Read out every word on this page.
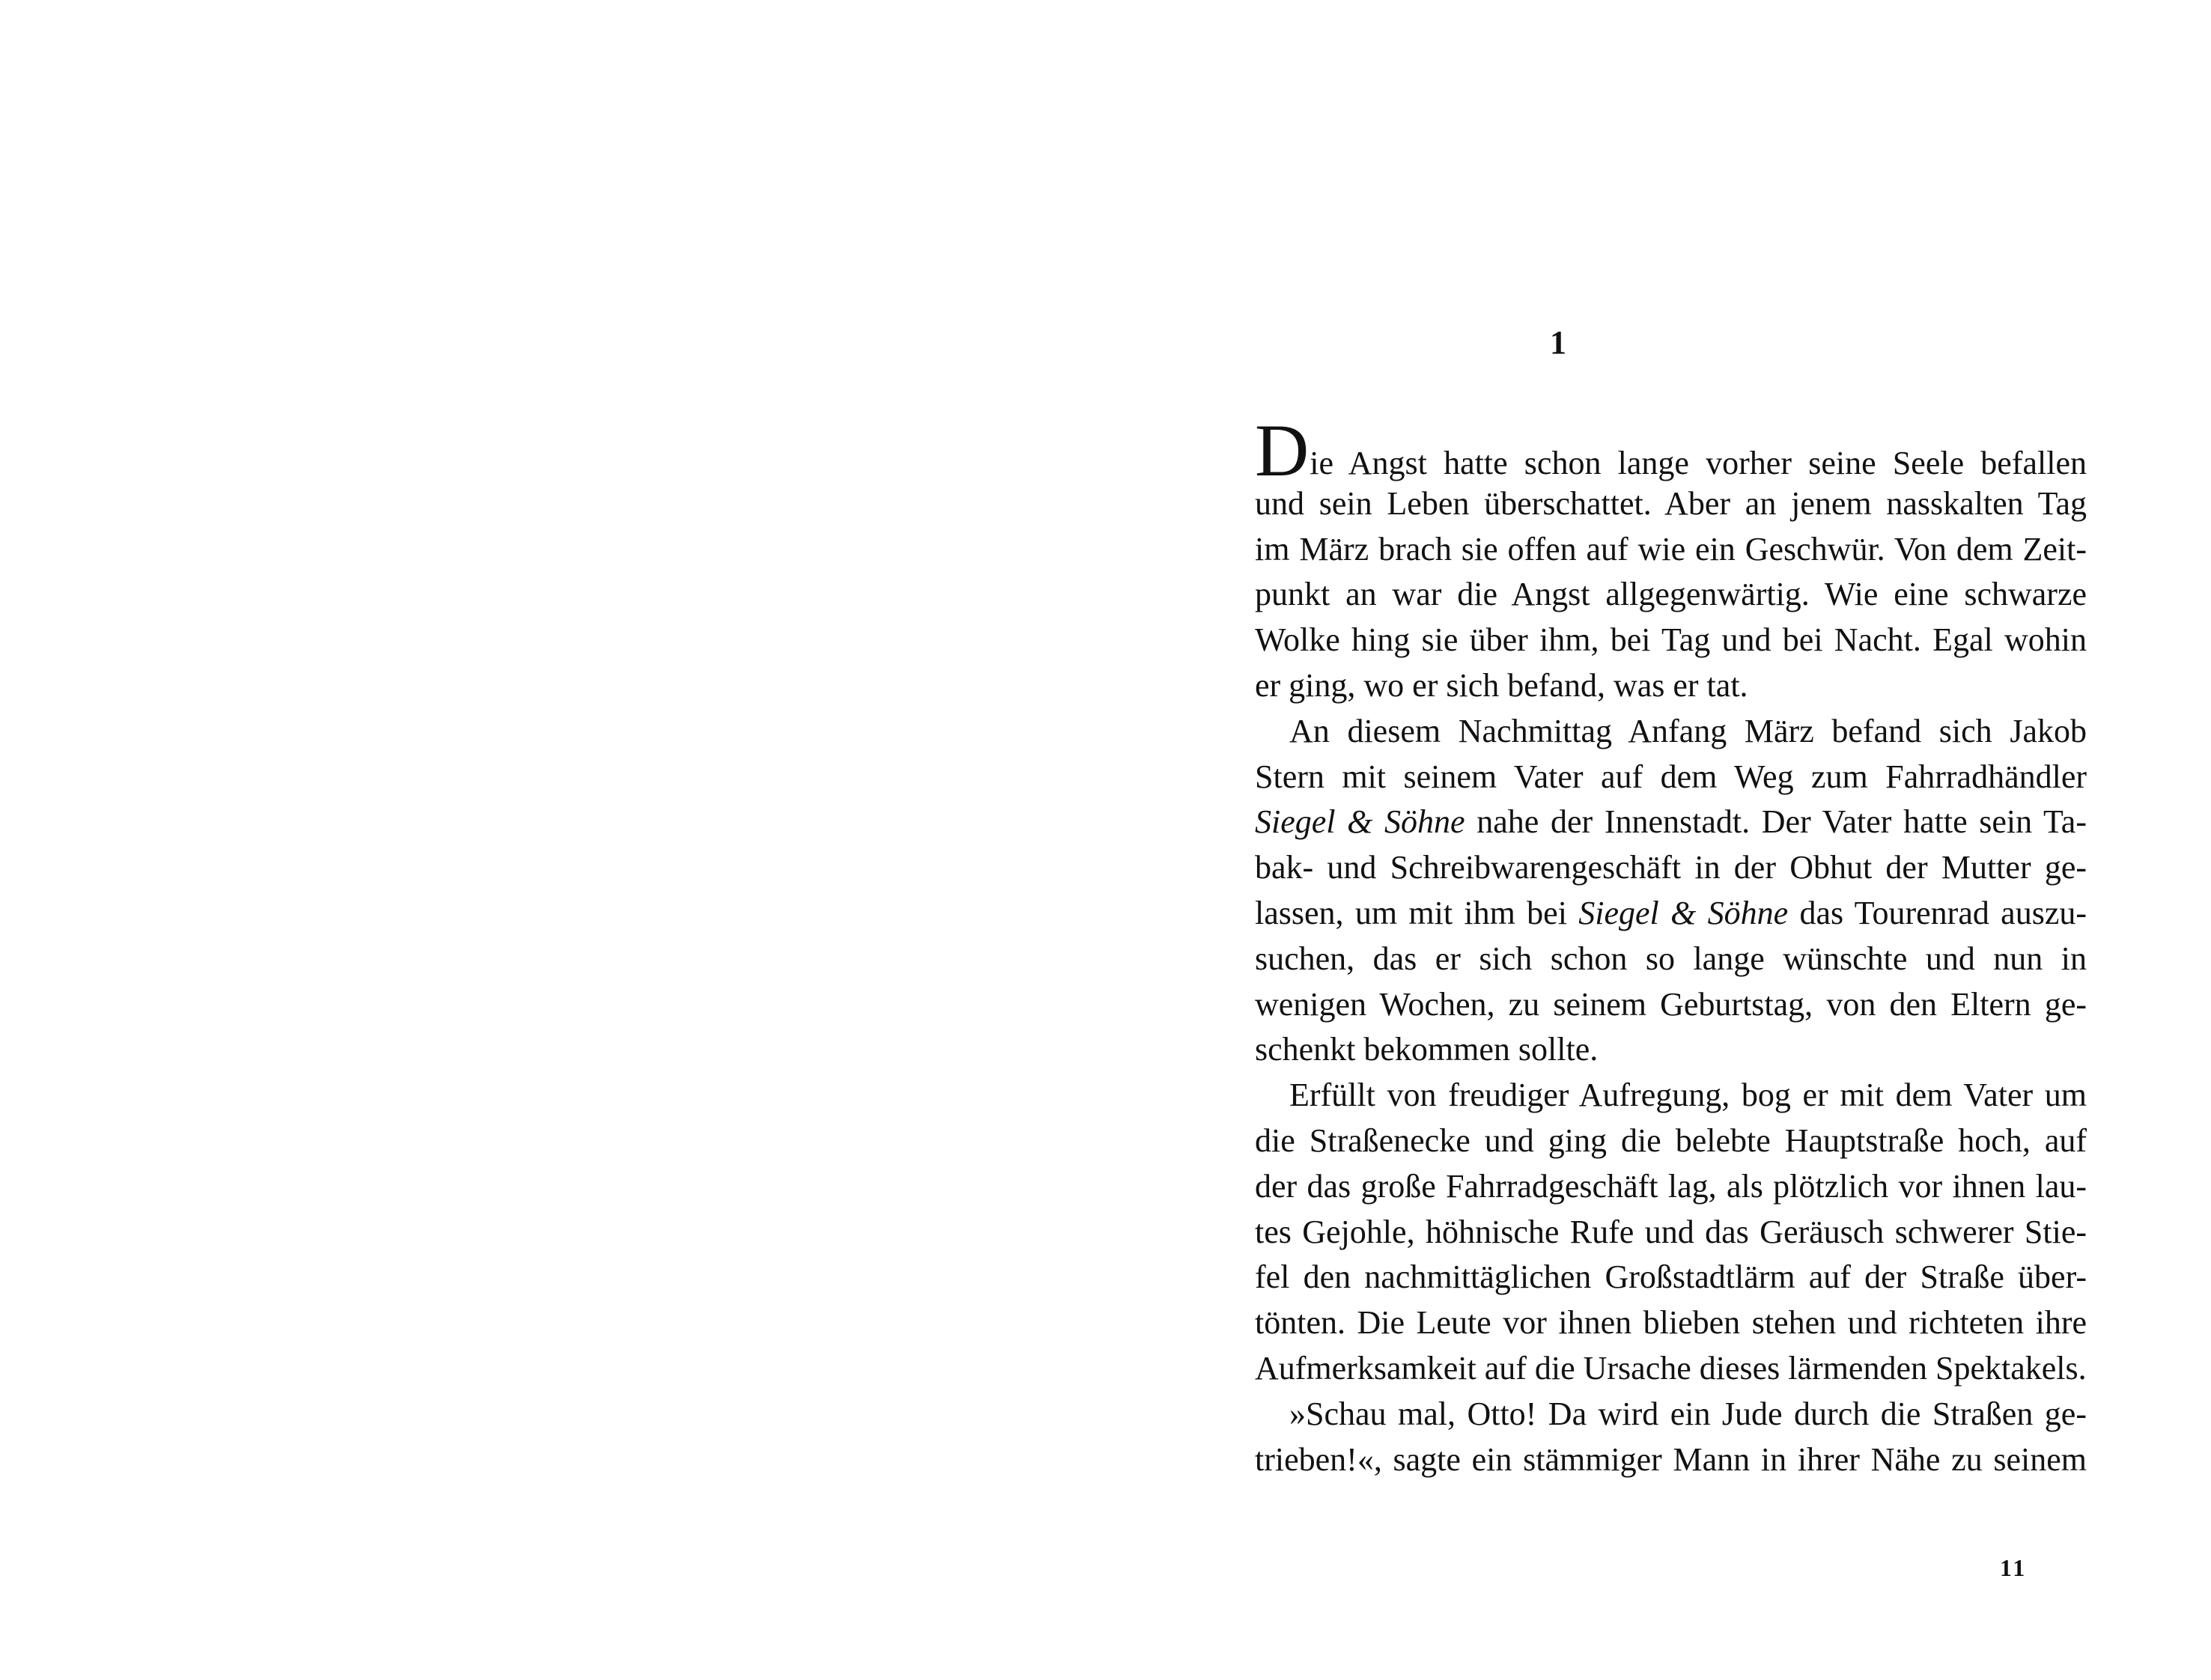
1
Die Angst hatte schon lange vorher seine Seele befallen
und sein Leben überschattet. Aber an jenem nasskalten Tag
im März brach sie offen auf wie ein Geschwür. Von dem Zeit-
punkt an war die Angst allgegenwärtig. Wie eine schwarze
Wolke hing sie über ihm, bei Tag und bei Nacht. Egal wohin
er ging, wo er sich befand, was er tat.
An diesem Nachmittag Anfang März befand sich Jakob
Stern mit seinem Vater auf dem Weg zum Fahrradhändler
Siegel & Söhne nahe der Innenstadt. Der Vater hatte sein Ta-
bak- und Schreibwarengeschäft in der Obhut der Mutter ge-
lassen, um mit ihm bei Siegel & Söhne das Tourenrad auszu-
suchen, das er sich schon so lange wünschte und nun in
wenigen Wochen, zu seinem Geburtstag, von den Eltern ge-
schenkt bekommen sollte.
Erfüllt von freudiger Aufregung, bog er mit dem Vater um
die Straßenecke und ging die belebte Hauptstraße hoch, auf
der das große Fahrradgeschäft lag, als plötzlich vor ihnen lau-
tes Gejohle, höhnische Rufe und das Geräusch schwerer Stie-
fel den nachmittäglichen Großstadtlärm auf der Straße über-
tönten. Die Leute vor ihnen blieben stehen und richteten ihre
Aufmerksamkeit auf die Ursache dieses lärmenden Spektakels.
»Schau mal, Otto! Da wird ein Jude durch die Straßen ge-
trieben!«, sagte ein stämmiger Mann in ihrer Nähe zu seinem
11
